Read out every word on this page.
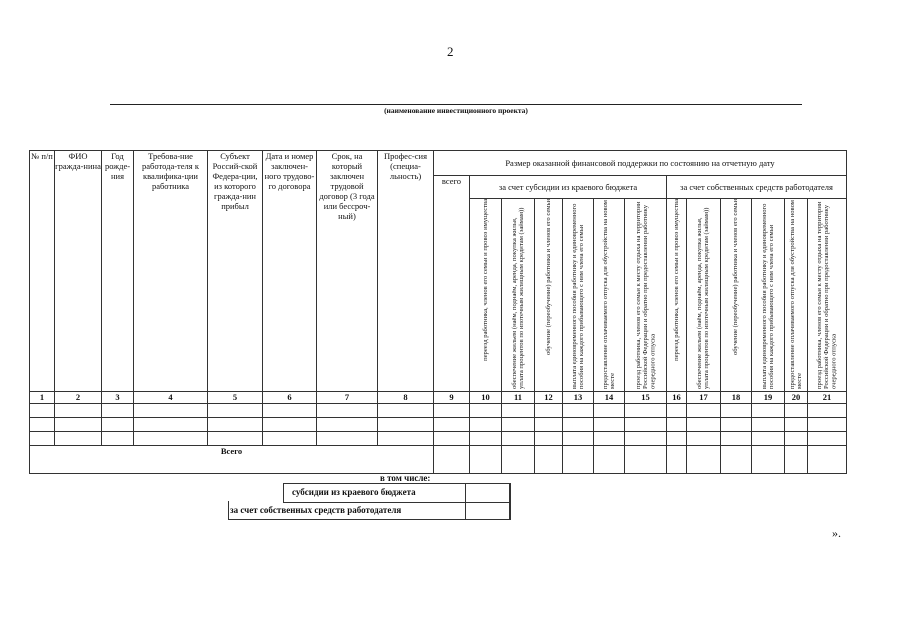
2
(наименование инвестиционного проекта)
№ п/п	ФИО гражда-нина	Год рожде-ния	Требова-ние работода-теля к квалифика-ции работника	Субъект Россий-ской Федера-ции, из которого гражда-нин прибыл	Дата и номер заключен-ного трудово-го договора	Срок, на который заключен трудовой договор (3 года или бессроч-ный)	Профес-сия (специа-льность)	Размер оказанной финансовой поддержки по состоянию на отчетную дату												
								всего	за счет субсидии из краевого бюджета						за счет собственных средств работодателя					
									переезд работника, членов его семьи и провоз имущества	обеспечение жильем (наём, поднаём, аренда, покупка жилья, уплата процентов по ипотечным жилищным кредитам (займам))	обучение (переобучение) работника и членов его семьи	выплата единовременного пособия работнику и единовременного пособия на каждого прибывающего с ним члена его семьи	предоставление оплачиваемого отпуска для обустройства на новом месте	проезд работника, членов его семьи к месту отдыха на территории Российской Федерации и обратно при предоставлении работнику очередного отпуска	переезд работника, членов его семьи и провоз имущества	обеспечение жильем (наём, поднаём, аренда, покупка жилья, уплата процентов по ипотечным жилищным кредитам (займам))	обучение (переобучение) работника и членов его семьи	выплата единовременного пособия работнику и единовременного пособия на каждого прибывающего с ним члена его семьи	предоставление оплачиваемого отпуска для обустройства на новом месте	проезд работника, членов его семьи к месту отдыха на территории Российской Федерации и обратно при предоставлении работнику очередного отпуска
1	2	3	4	5	6	7	8	9	10	11	12	13	14	15	16	17	18	19	20	21

Всего																				
в том числе:
субсидии из краевого бюджета
за счет собственных средств работодателя
».
